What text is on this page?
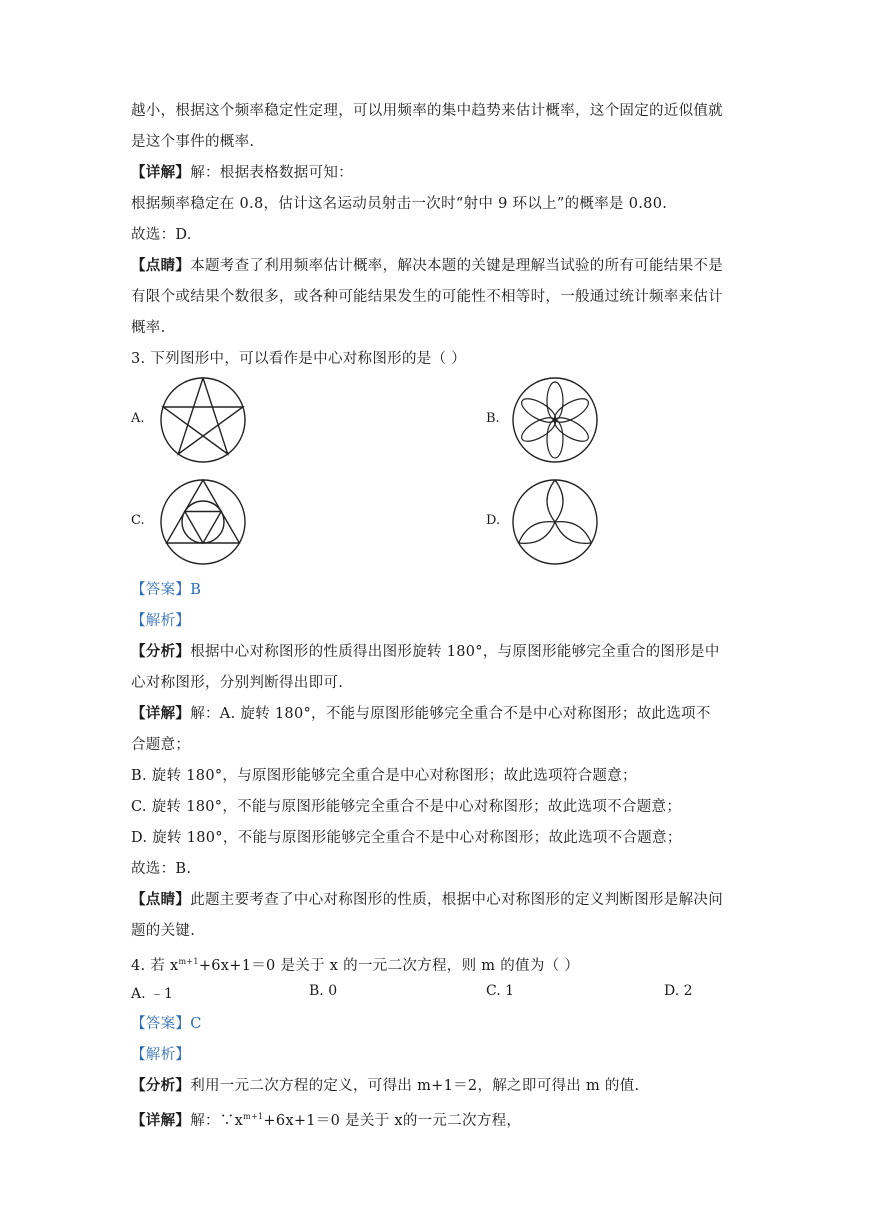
越小，根据这个频率稳定性定理，可以用频率的集中趋势来估计概率，这个固定的近似值就
是这个事件的概率.
【详解】解：根据表格数据可知：
根据频率稳定在 0.8，估计这名运动员射击一次时“射中 9 环以上”的概率是 0.80.
故选：D.
【点睛】本题考查了利用频率估计概率，解决本题的关键是理解当试验的所有可能结果不是
有限个或结果个数很多，或各种可能结果发生的可能性不相等时，一般通过统计频率来估计
概率.
3. 下列图形中，可以看作是中心对称图形的是（ ）
A.	B.
C.	D.
【答案】B
【解析】
【分析】根据中心对称图形的性质得出图形旋转 180°，与原图形能够完全重合的图形是中
心对称图形，分别判断得出即可.
【详解】解：A. 旋转 180°，不能与原图形能够完全重合不是中心对称图形；故此选项不
合题意；
B. 旋转 180°，与原图形能够完全重合是中心对称图形；故此选项符合题意；
C. 旋转 180°，不能与原图形能够完全重合不是中心对称图形；故此选项不合题意；
D. 旋转 180°，不能与原图形能够完全重合不是中心对称图形；故此选项不合题意；
故选：B.
【点睛】此题主要考查了中心对称图形的性质，根据中心对称图形的定义判断图形是解决问
题的关键.
4. 若 $x^{m+1}+6x+1=0$ 是关于 x 的一元二次方程，则 m 的值为（ ）
A. ﹣1	B. 0	C. 1	D. 2
【答案】C
【解析】
【分析】利用一元二次方程的定义，可得出 m+1＝2，解之即可得出 m 的值.
【详解】解：$\because x^{m+1}+6x+1=0$ 是关于 x的一元二次方程，
